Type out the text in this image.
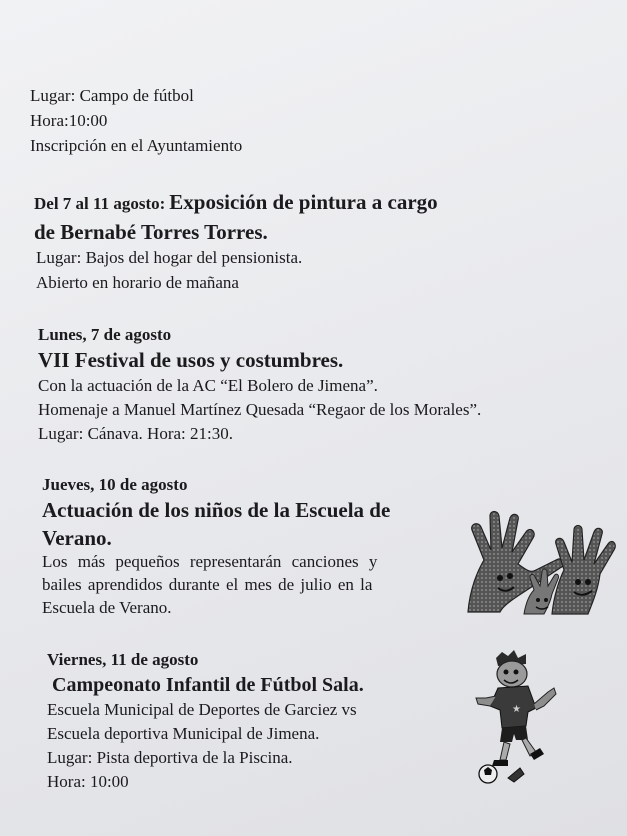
Lugar: Campo de fútbol
Hora:10:00
Inscripción en el Ayuntamiento
Del 7 al 11 agosto: Exposición de pintura a cargo
de Bernabé Torres Torres.
Lugar: Bajos del hogar del pensionista.
Abierto en horario de mañana
Lunes, 7 de agosto
VII Festival de usos y costumbres.
Con la actuación de la AC “El Bolero de Jimena”.
Homenaje a Manuel Martínez Quesada “Regaor de los Morales”.
Lugar: Cánava. Hora: 21:30.
Jueves, 10 de agosto
Actuación de los niños de la Escuela de
Verano.
Los más pequeños representarán canciones y
bailes aprendidos durante el mes de julio en la
Escuela de Verano.
Viernes, 11 de agosto
Campeonato Infantil de Fútbol Sala.
Escuela Municipal de Deportes de Garciez vs
Escuela deportiva Municipal de Jimena.
Lugar: Pista deportiva de la Piscina.
Hora: 10:00
★
